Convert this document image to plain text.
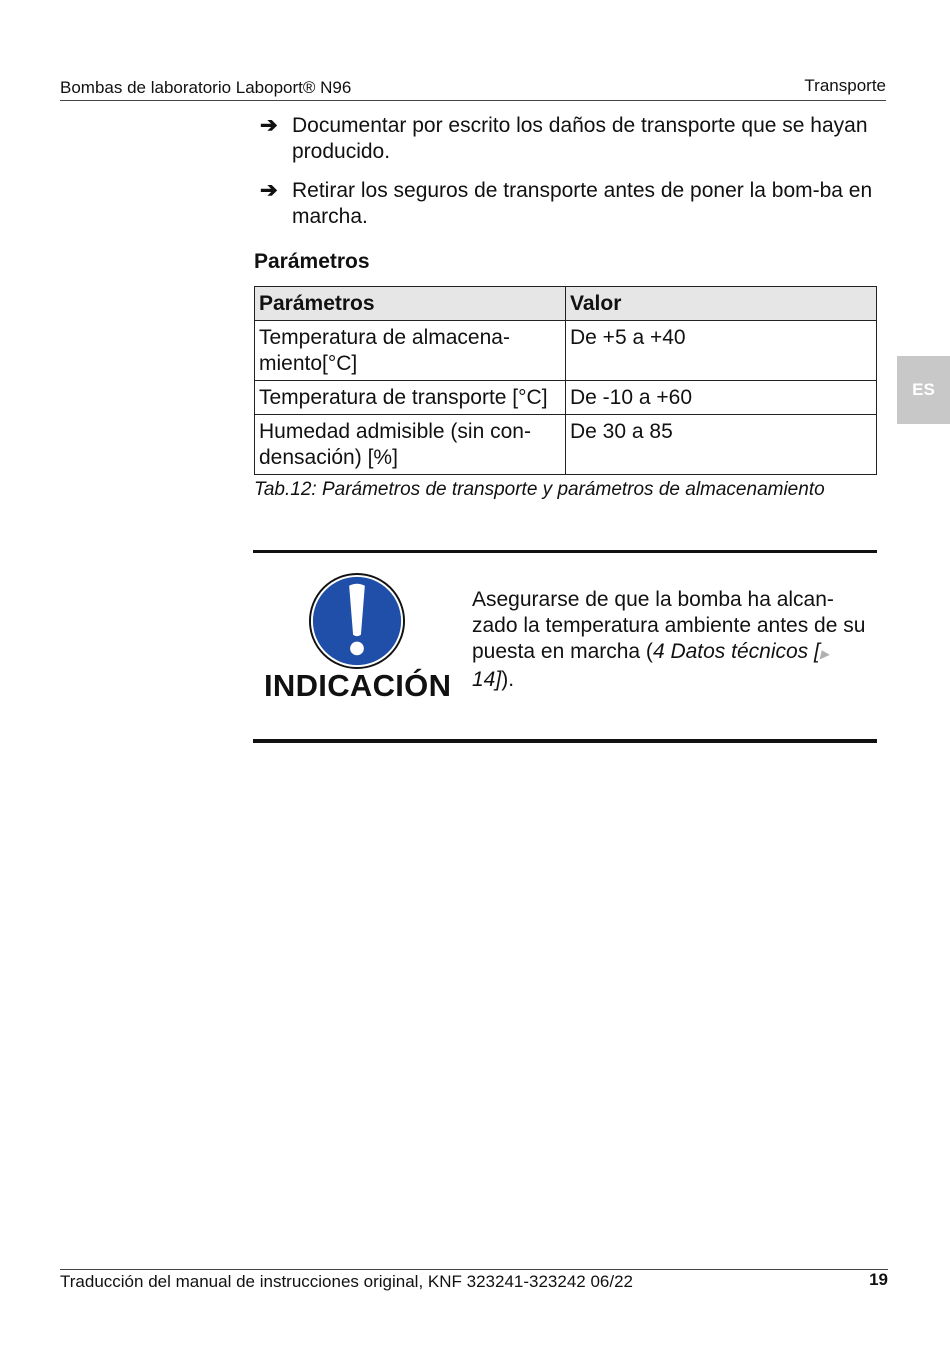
Bombas de laboratorio Laboport® N96	Transporte
ES
➔ Documentar por escrito los daños de transporte que se hayan producido.
➔ Retirar los seguros de transporte antes de poner la bom-ba en marcha.
Parámetros
Parámetros	Valor
Temperatura de almacena-miento[°C]	De +5 a +40
Temperatura de transporte [°C]	De -10 a +60
Humedad admisible (sin con-densación) [%]	De 30 a 85
Tab.12: Parámetros de transporte y parámetros de almacenamiento
INDICACIÓN
Asegurarse de que la bomba ha alcan-zado la temperatura ambiente antes de su puesta en marcha (4 Datos técnicos [▶ 14]).
Traducción del manual de instrucciones original, KNF 323241-323242 06/22	19
